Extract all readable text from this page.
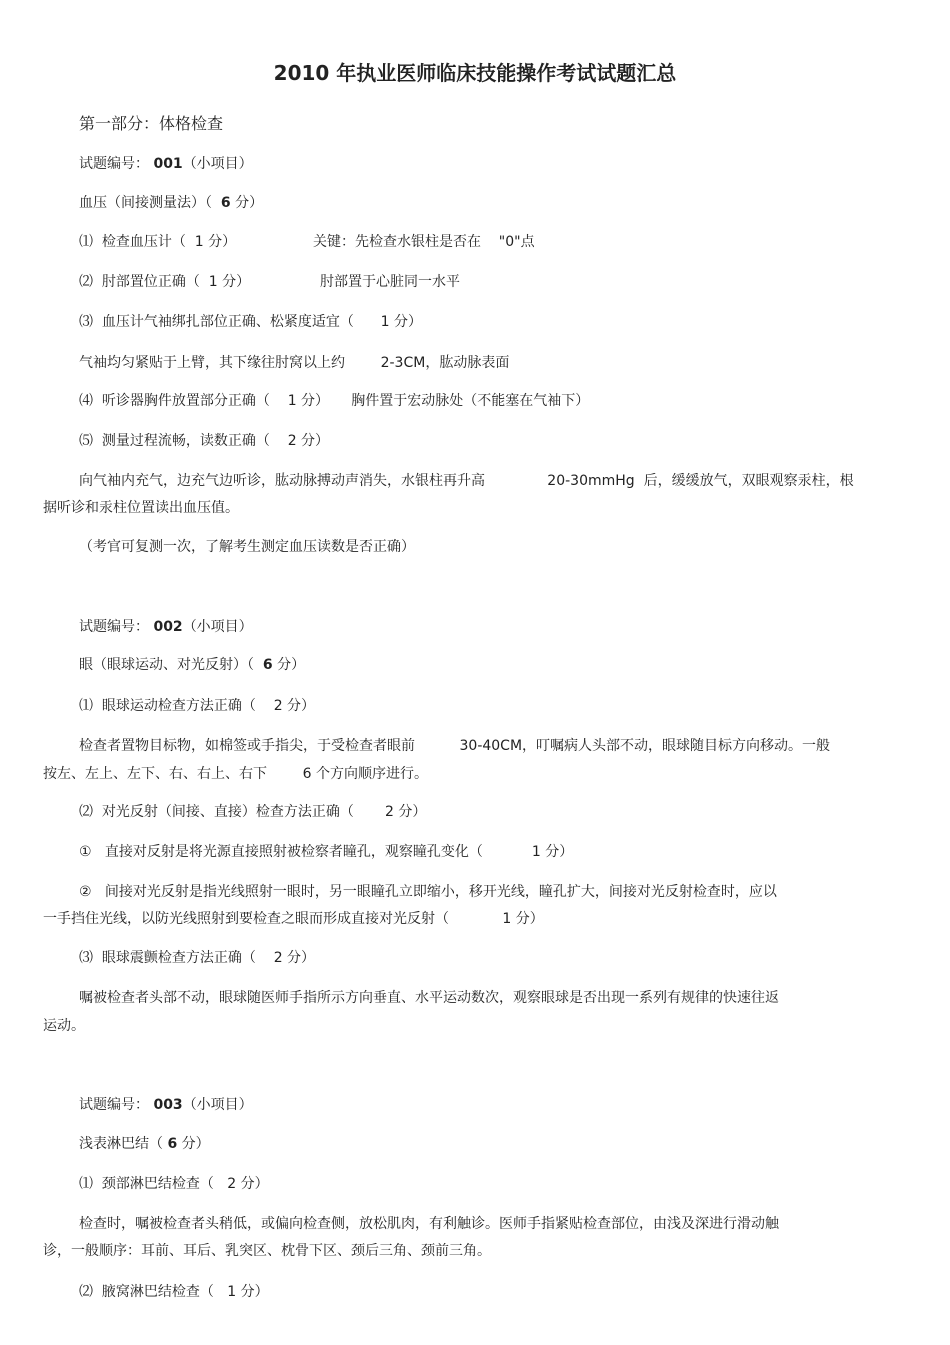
2010 年执业医师临床技能操作考试试题汇总
第一部分：体格检查
试题编号： 001（小项目）
血压（间接测量法）（ 6 分）
⑴  检查血压计（  1 分）	关键：先检查水银柱是否在    "0"点
⑵  肘部置位正确（  1 分）	肘部置于心脏同一水平
⑶  血压计气袖绑扎部位正确、松紧度适宜（      1 分）
气袖均匀紧贴于上臂，其下缘往肘窝以上约        2-3CM，肱动脉表面
⑷  听诊器胸件放置部分正确（    1 分）     胸件置于宏动脉处（不能塞在气袖下）
⑸  测量过程流畅，读数正确（    2 分）
向气袖内充气，边充气边听诊，肱动脉搏动声消失，水银柱再升高              20-30mmHg  后，缓缓放气，双眼观察汞柱，根
据听诊和汞柱位置读出血压值。
（考官可复测一次，了解考生测定血压读数是否正确）
试题编号： 002（小项目）
眼（眼球运动、对光反射）（ 6 分）
⑴  眼球运动检查方法正确（    2 分）
检查者置物目标物，如棉签或手指尖，于受检查者眼前          30-40CM，叮嘱病人头部不动，眼球随目标方向移动。一般
按左、左上、左下、右、右上、右下        6 个方向顺序进行。
⑵  对光反射（间接、直接）检查方法正确（       2 分）
①   直接对反射是将光源直接照射被检察者瞳孔，观察瞳孔变化（           1 分）
②   间接对光反射是指光线照射一眼时，另一眼瞳孔立即缩小，移开光线，瞳孔扩大，间接对光反射检查时，应以
一手挡住光线，以防光线照射到要检查之眼而形成直接对光反射（            1 分）
⑶  眼球震颤检查方法正确（    2 分）
嘱被检查者头部不动，眼球随医师手指所示方向垂直、水平运动数次，观察眼球是否出现一系列有规律的快速往返
运动。
试题编号： 003（小项目）
浅表淋巴结（ 6 分）
⑴  颈部淋巴结检查（   2 分）
检查时，嘱被检查者头稍低，或偏向检查侧，放松肌肉，有利触诊。医师手指紧贴检查部位，由浅及深进行滑动触
诊，一般顺序：耳前、耳后、乳突区、枕骨下区、颈后三角、颈前三角。
⑵  腋窝淋巴结检查（   1 分）
